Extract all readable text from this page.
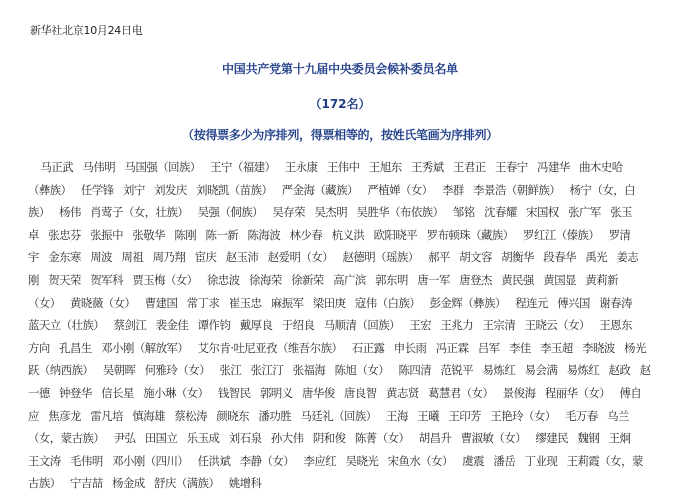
新华社北京10月24日电
中国共产党第十九届中央委员会候补委员名单
（172名）
（按得票多少为序排列，得票相等的，按姓氏笔画为序排列）
马正武   马伟明   马国强（回族）   王宁（福建）   王永康   王伟中   王旭东   王秀斌   王君正   王春宁   冯建华   曲木史哈
（彝族）   任学锋   刘宁   刘发庆   刘晓凯（苗族）   严金海（藏族）   严植婵（女）   李群   李景浩（朝鲜族）   杨宁（女，白
族）   杨伟   肖莺子（女，壮族）   吴强（侗族）   吴存荣   吴杰明   吴胜华（布依族）   邹铭   沈春耀   宋国权   张广军   张玉
卓   张忠芬   张振中   张敬华   陈刚   陈一新   陈海波   林少春   杭义洪   欧阳晓平   罗布顿珠（藏族）   罗红江（傣族）   罗清
宇   金东寒   周波   周祖   周乃翔   宦庆   赵玉沛   赵爱明（女）   赵德明（瑶族）   郝平   胡文容   胡衡华   段春华   禹光   姜志
刚   贺天荣   贺军科   贾玉梅（女）   徐忠波   徐海荣   徐新荣   高广滨   郭东明   唐一军   唐登杰   黄民强   黄国显   黄莉新
（女）   黄晓薇（女）   曹建国   常丁求   崔玉忠   麻振军   梁田庚   寇伟（白族）   彭金辉（彝族）   程连元   傅兴国   谢春涛
蓝天立（壮族）   蔡剑江   裴金佳   谭作钧   戴厚良   于绍良   马顺清（回族）   王宏   王兆力   王宗清   王晓云（女）   王恩东
方向   孔昌生   邓小刚（解放军）   艾尔肯·吐尼亚孜（维吾尔族）   石正露   申长雨   冯正霖   吕军   李佳   李玉超   李晓波   杨光
跃（纳西族）   吴朝晖   何雅玲（女）   张江   张江汀   张福海   陈旭（女）   陈四清   范锐平   易炼红   易会满   易炼红   赵政   赵
一德   钟登华   信长星   施小琳（女）   钱智民   郭明义   唐华俊   唐良智   黄志贤   葛慧君（女）   景俊海   程丽华（女）   傅自
应   焦彦龙   雷凡培   慎海雄   蔡松涛   颜晓东   潘功胜   马廷礼（回族）   王海   王曦   王印芳   王艳玲（女）   毛万春   乌兰
（女，蒙古族）   尹弘   田国立   乐玉成   刘石泉   孙大伟   阴和俊   陈菁（女）   胡昌升   曹淑敏（女）   缪建民   魏钢   王炯
王文涛   毛伟明   邓小刚（四川）   任洪斌   李静（女）   李应红   吴晓光   宋鱼水（女）   虞震   潘岳   丁业现   王莉霞（女，蒙
古族）   宁吉喆   杨金成   舒庆（满族）   姚增科
